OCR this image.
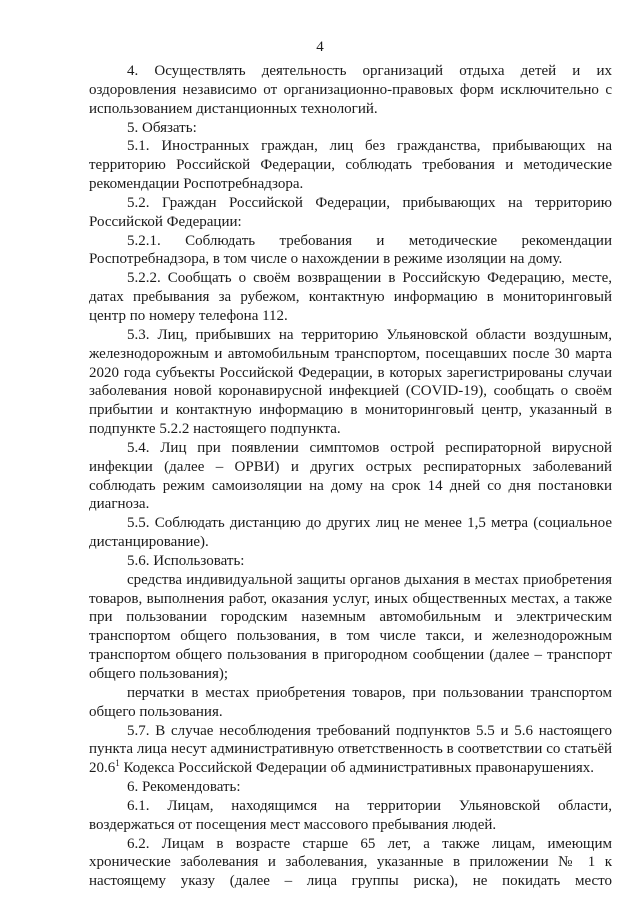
4

4. Осуществлять деятельность организаций отдыха детей и их оздоровления независимо от организационно-правовых форм исключительно с использованием дистанционных технологий.

5. Обязать:

5.1. Иностранных граждан, лиц без гражданства, прибывающих на территорию Российской Федерации, соблюдать требования и методические рекомендации Роспотребнадзора.

5.2. Граждан Российской Федерации, прибывающих на территорию Российской Федерации:

5.2.1. Соблюдать требования и методические рекомендации Роспотребнадзора, в том числе о нахождении в режиме изоляции на дому.

5.2.2. Сообщать о своём возвращении в Российскую Федерацию, месте, датах пребывания за рубежом, контактную информацию в мониторинговый центр по номеру телефона 112.

5.3. Лиц, прибывших на территорию Ульяновской области воздушным, железнодорожным и автомобильным транспортом, посещавших после 30 марта 2020 года субъекты Российской Федерации, в которых зарегистрированы случаи заболевания новой коронавирусной инфекцией (COVID-19), сообщать о своём прибытии и контактную информацию в мониторинговый центр, указанный в подпункте 5.2.2 настоящего подпункта.

5.4. Лиц при появлении симптомов острой респираторной вирусной инфекции (далее – ОРВИ) и других острых респираторных заболеваний соблюдать режим самоизоляции на дому на срок 14 дней со дня постановки диагноза.

5.5. Соблюдать дистанцию до других лиц не менее 1,5 метра (социальное дистанцирование).

5.6. Использовать:

средства индивидуальной защиты органов дыхания в местах приобретения товаров, выполнения работ, оказания услуг, иных общественных местах, а также при пользовании городским наземным автомобильным и электрическим транспортом общего пользования, в том числе такси, и железнодорожным транспортом общего пользования в пригородном сообщении (далее – транспорт общего пользования);

перчатки в местах приобретения товаров, при пользовании транспортом общего пользования.

5.7. В случае несоблюдения требований подпунктов 5.5 и 5.6 настоящего пункта лица несут административную ответственность в соответствии со статьёй 20.6$^1$ Кодекса Российской Федерации об административных правонарушениях.

6. Рекомендовать:

6.1. Лицам, находящимся на территории Ульяновской области, воздержаться от посещения мест массового пребывания людей.

6.2. Лицам в возрасте старше 65 лет, а также лицам, имеющим хронические заболевания и заболевания, указанные в приложении № 1 к настоящему указу (далее – лица группы риска), не покидать место
